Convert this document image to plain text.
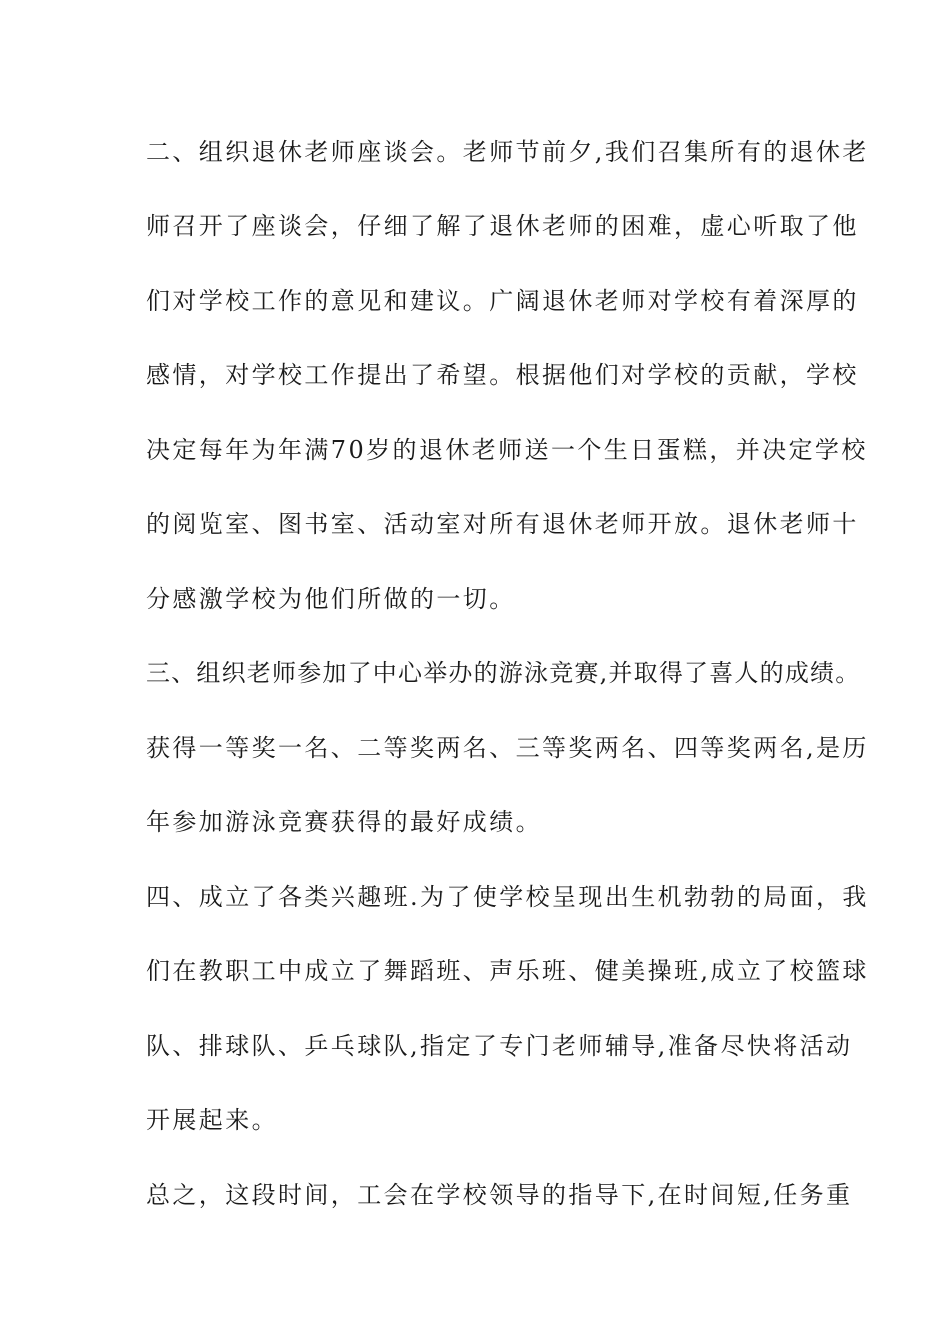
二、组织退休老师座谈会。老师节前夕,我们召集所有的退休老

师召开了座谈会，仔细了解了退休老师的困难，虚心听取了他

们对学校工作的意见和建议。广阔退休老师对学校有着深厚的

感情，对学校工作提出了希望。根据他们对学校的贡献，学校

决定每年为年满70岁的退休老师送一个生日蛋糕，并决定学校

的阅览室、图书室、活动室对所有退休老师开放。退休老师十

分感激学校为他们所做的一切。

三、组织老师参加了中心举办的游泳竞赛,并取得了喜人的成绩。

获得一等奖一名、二等奖两名、三等奖两名、四等奖两名,是历

年参加游泳竞赛获得的最好成绩。

四、成立了各类兴趣班.为了使学校呈现出生机勃勃的局面，我

们在教职工中成立了舞蹈班、声乐班、健美操班,成立了校篮球

队、排球队、乒乓球队,指定了专门老师辅导,准备尽快将活动

开展起来。

总之，这段时间，工会在学校领导的指导下,在时间短,任务重
